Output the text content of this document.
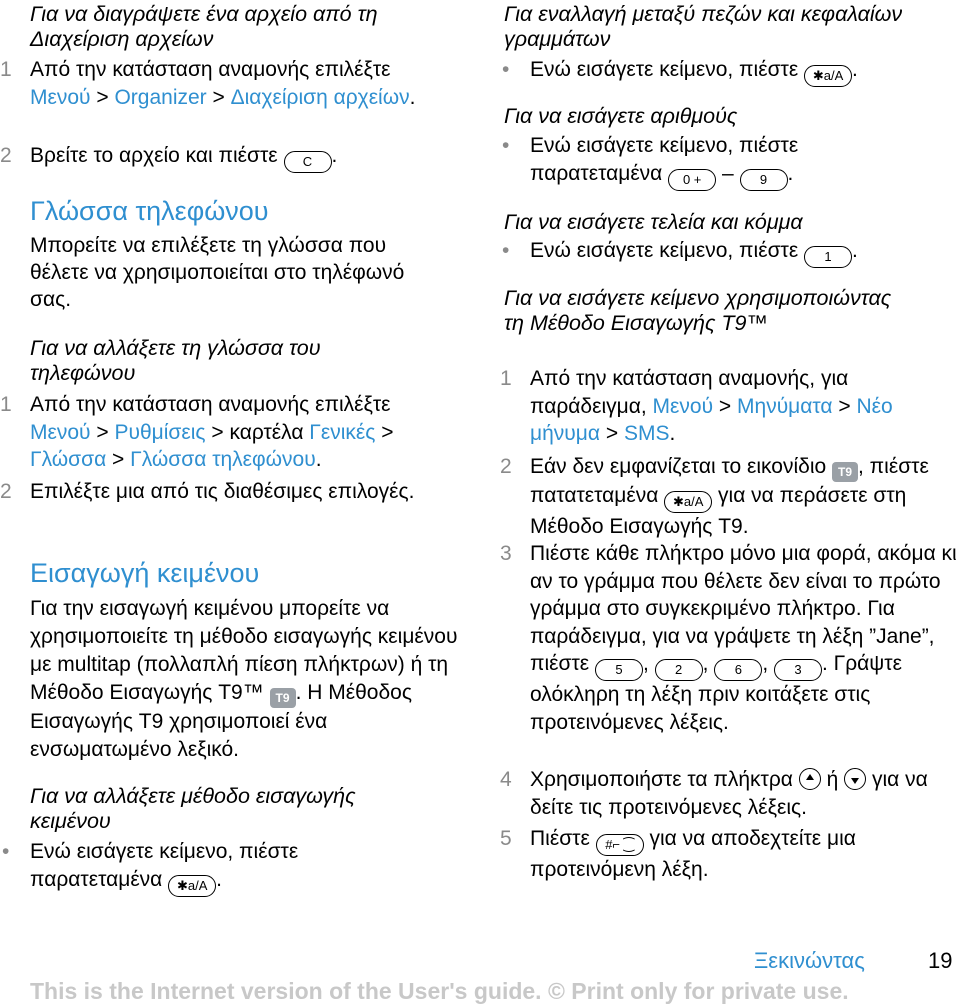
Για να διαγράψετε ένα αρχείο από τη Διαχείριση αρχείων

1 Από την κατάσταση αναμονής επιλέξτε Μενού > Organizer > Διαχείριση αρχείων.

2 Βρείτε το αρχείο και πιέστε C .

Γλώσσα τηλεφώνου

Μπορείτε να επιλέξετε τη γλώσσα που θέλετε να χρησιμοποιείται στο τηλέφωνό σας.

Για να αλλάξετε τη γλώσσα του τηλεφώνου

1 Από την κατάσταση αναμονής επιλέξτε Μενού > Ρυθμίσεις > καρτέλα Γενικές > Γλώσσα > Γλώσσα τηλεφώνου.

2 Επιλέξτε μια από τις διαθέσιμες επιλογές.

Εισαγωγή κειμένου

Για την εισαγωγή κειμένου μπορείτε να χρησιμοποιείτε τη μέθοδο εισαγωγής κειμένου με multitap (πολλαπλή πίεση πλήκτρων) ή τη Μέθοδο Εισαγωγής T9™ T9 . Η Μέθοδος Εισαγωγής T9 χρησιμοποιεί ένα ενσωματωμένο λεξικό.

Για να αλλάξετε μέθοδο εισαγωγής κειμένου

• Ενώ εισάγετε κείμενο, πιέστε παρατεταμένα ✱a/A .

Για εναλλαγή μεταξύ πεζών και κεφαλαίων γραμμάτων

• Ενώ εισάγετε κείμενο, πιέστε ✱a/A .

Για να εισάγετε αριθμούς

• Ενώ εισάγετε κείμενο, πιέστε παρατεταμένα 0 + – 9 .

Για να εισάγετε τελεία και κόμμα

• Ενώ εισάγετε κείμενο, πιέστε 1 .

Για να εισάγετε κείμενο χρησιμοποιώντας τη Μέθοδο Εισαγωγής T9™

1 Από την κατάσταση αναμονής, για παράδειγμα, Μενού > Μηνύματα > Νέο μήνυμα > SMS.

2 Εάν δεν εμφανίζεται το εικονίδιο T9 , πιέστε πατατεταμένα ✱a/A για να περάσετε στη Μέθοδο Εισαγωγής T9.

3 Πιέστε κάθε πλήκτρο μόνο μια φορά, ακόμα κι αν το γράμμα που θέλετε δεν είναι το πρώτο γράμμα στο συγκεκριμένο πλήκτρο. Για παράδειγμα, για να γράψετε τη λέξη ”Jane”, πιέστε 5 , 2 , 6 , 3 . Γράψτε ολόκληρη τη λέξη πριν κοιτάξετε στις προτεινόμενες λέξεις.

4 Χρησιμοποιήστε τα πλήκτρα
ή
για να δείτε τις προτεινόμενες λέξεις.

5 Πιέστε #⌐ ⁐ για να αποδεχτείτε μια προτεινόμενη λέξη.

Ξεκινώντας	19
This is the Internet version of the User's guide. © Print only for private use.
